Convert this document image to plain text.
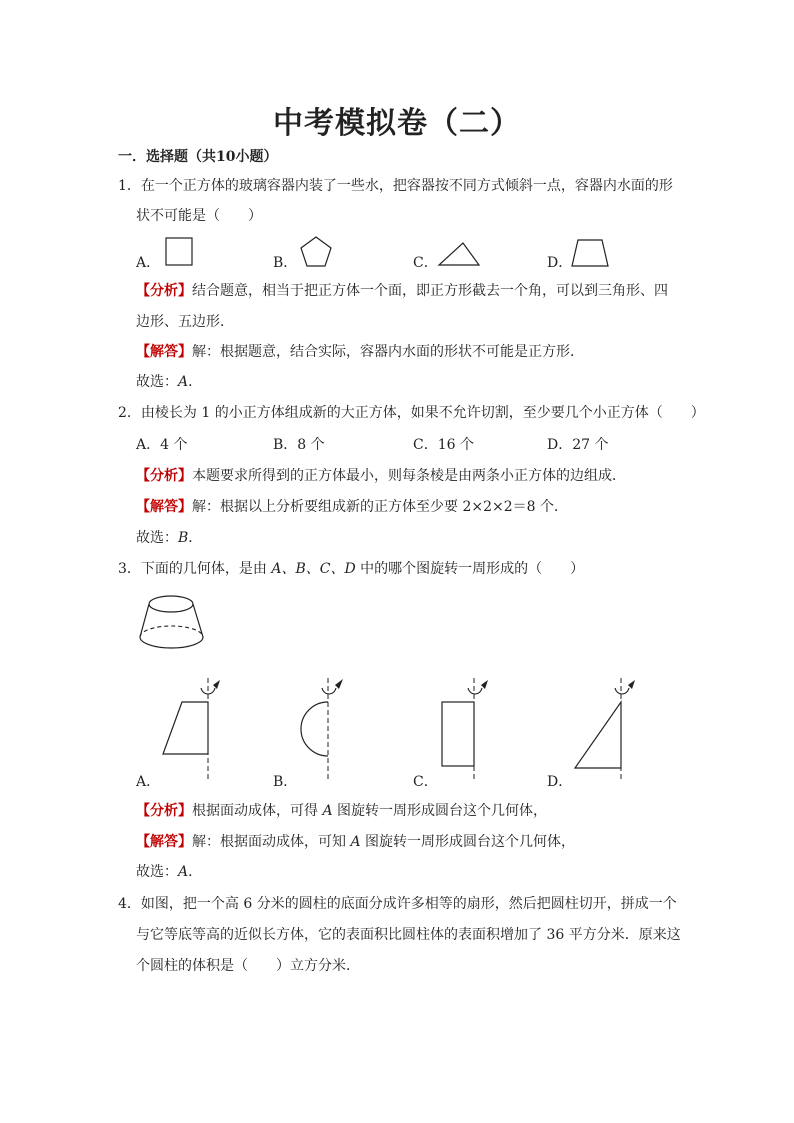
中考模拟卷（二）
一．选择题（共10小题）
1．在一个正方体的玻璃容器内装了一些水，把容器按不同方式倾斜一点，容器内水面的形
状不可能是（　　）
A．	B．	C．	D．
【分析】结合题意，相当于把正方体一个面，即正方形截去一个角，可以到三角形、四
边形、五边形．
【解答】解：根据题意，结合实际，容器内水面的形状不可能是正方形．
故选：A．
2．由棱长为 1 的小正方体组成新的大正方体，如果不允许切割，至少要几个小正方体（　　）
A．4 个	B．8 个	C．16 个	D．27 个
【分析】本题要求所得到的正方体最小，则每条棱是由两条小正方体的边组成．
【解答】解：根据以上分析要组成新的正方体至少要 2×2×2＝8 个．
故选：B．
3．下面的几何体，是由 A、B、C、D 中的哪个图旋转一周形成的（　　）
A．	B．	C．	D．
【分析】根据面动成体，可得 A 图旋转一周形成圆台这个几何体，
【解答】解：根据面动成体，可知 A 图旋转一周形成圆台这个几何体，
故选：A．
4．如图，把一个高 6 分米的圆柱的底面分成许多相等的扇形，然后把圆柱切开，拼成一个
与它等底等高的近似长方体，它的表面积比圆柱体的表面积增加了 36 平方分米．原来这
个圆柱的体积是（　　）立方分米．
